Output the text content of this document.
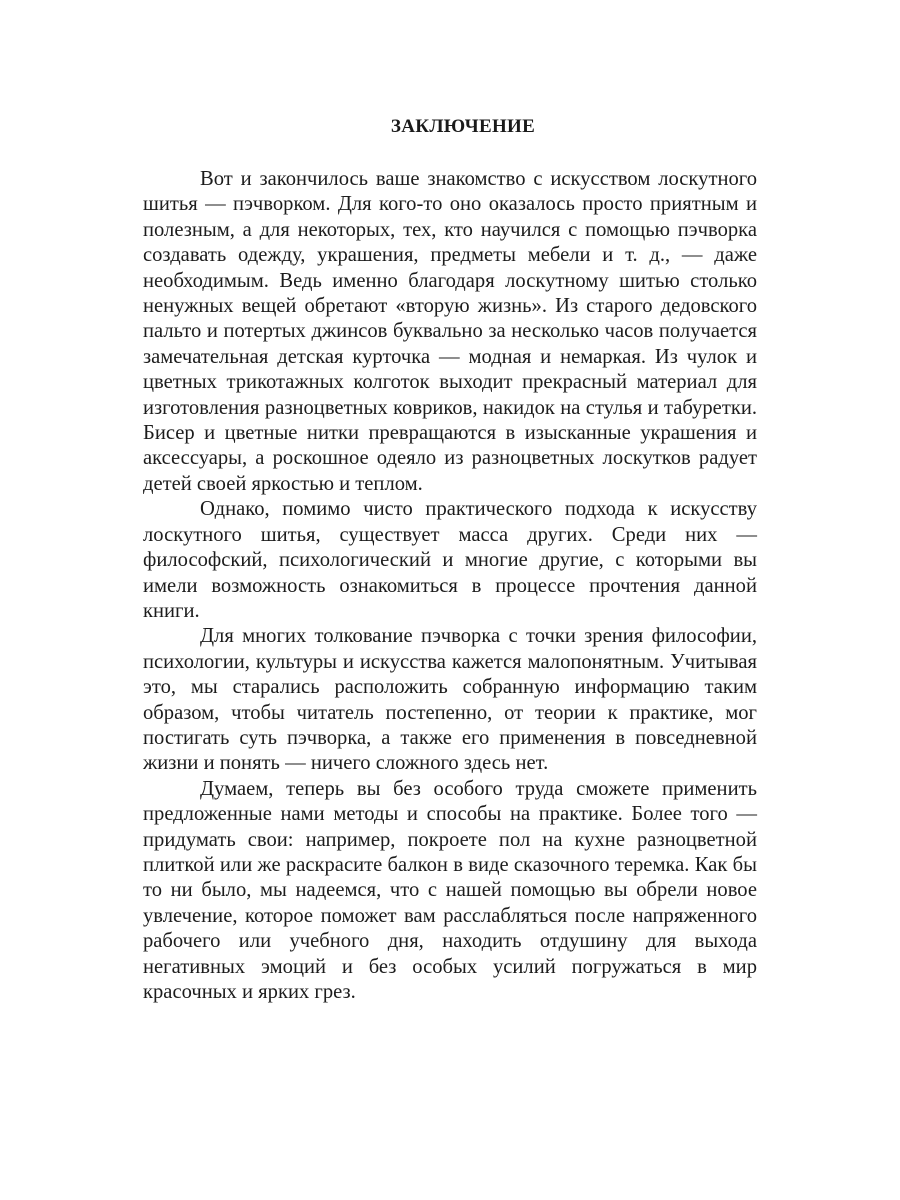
ЗАКЛЮЧЕНИЕ

Вот и закончилось ваше знакомство с искусством лоскутного шитья — пэчворком. Для кого-то оно оказалось просто приятным и полезным, а для некоторых, тех, кто научился с помощью пэчворка создавать одежду, украшения, предметы мебели и т. д., — даже необходимым. Ведь именно благодаря лоскутному шитью столько ненужных вещей обретают «вторую жизнь». Из старого дедовского пальто и потертых джинсов буквально за несколько часов получается замечательная детская курточка — модная и немаркая. Из чулок и цветных трикотажных колготок выходит прекрасный материал для изготовления разноцветных ковриков, накидок на стулья и табуретки. Бисер и цветные нитки превращаются в изысканные украшения и аксессуары, а роскошное одеяло из разноцветных лоскутков радует детей своей яркостью и теплом.

Однако, помимо чисто практического подхода к искусству лоскутного шитья, существует масса других. Среди них — философский, психологический и многие другие, с которыми вы имели возможность ознакомиться в процессе прочтения данной книги.

Для многих толкование пэчворка с точки зрения философии, психологии, культуры и искусства кажется малопонятным. Учитывая это, мы старались расположить собранную информацию таким образом, чтобы читатель постепенно, от теории к практике, мог постигать суть пэчворка, а также его применения в повседневной жизни и понять — ничего сложного здесь нет.

Думаем, теперь вы без особого труда сможете применить предложенные нами методы и способы на практике. Более того — придумать свои: например, покроете пол на кухне разноцветной плиткой или же раскрасите балкон в виде сказочного теремка. Как бы то ни было, мы надеемся, что с нашей помощью вы обрели новое увлечение, которое поможет вам расслабляться после напряженного рабочего или учебного дня, находить отдушину для выхода негативных эмоций и без особых усилий погружаться в мир красочных и ярких грез.
